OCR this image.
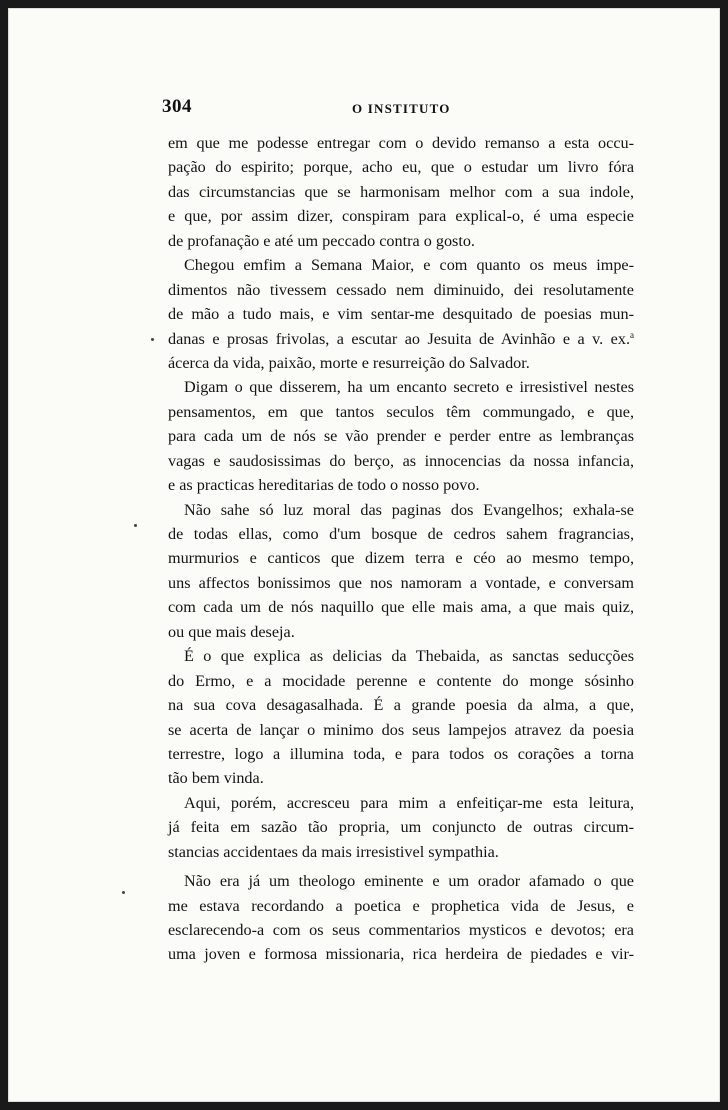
304	O INSTITUTO
em que me podesse entregar com o devido remanso a esta occu-
pação do espirito; porque, acho eu, que o estudar um livro fóra
das circumstancias que se harmonisam melhor com a sua indole,
e que, por assim dizer, conspiram para explical-o, é uma especie
de profanação e até um peccado contra o gosto.
Chegou emfim a Semana Maior, e com quanto os meus impe-
dimentos não tivessem cessado nem diminuido, dei resolutamente
de mão a tudo mais, e vim sentar-me desquitado de poesias mun-
danas e prosas frivolas, a escutar ao Jesuita de Avinhão e a v. ex.$^a$
ácerca da vida, paixão, morte e resurreição do Salvador.
Digam o que disserem, ha um encanto secreto e irresistivel nestes
pensamentos, em que tantos seculos têm commungado, e que,
para cada um de nós se vão prender e perder entre as lembranças
vagas e saudosissimas do berço, as innocencias da nossa infancia,
e as practicas hereditarias de todo o nosso povo.
Não sahe só luz moral das paginas dos Evangelhos; exhala-se
de todas ellas, como d'um bosque de cedros sahem fragrancias,
murmurios e canticos que dizem terra e céo ao mesmo tempo,
uns affectos bonissimos que nos namoram a vontade, e conversam
com cada um de nós naquillo que elle mais ama, a que mais quiz,
ou que mais deseja.
É o que explica as delicias da Thebaida, as sanctas seducções
do Ermo, e a mocidade perenne e contente do monge sósinho
na sua cova desagasalhada. É a grande poesia da alma, a que,
se acerta de lançar o minimo dos seus lampejos atravez da poesia
terrestre, logo a illumina toda, e para todos os corações a torna
tão bem vinda.
Aqui, porém, accresceu para mim a enfeitiçar-me esta leitura,
já feita em sazão tão propria, um conjuncto de outras circum-
stancias accidentaes da mais irresistivel sympathia.
Não era já um theologo eminente e um orador afamado o que
me estava recordando a poetica e prophetica vida de Jesus, e
esclarecendo-a com os seus commentarios mysticos e devotos; era
uma joven e formosa missionaria, rica herdeira de piedades e vir-
